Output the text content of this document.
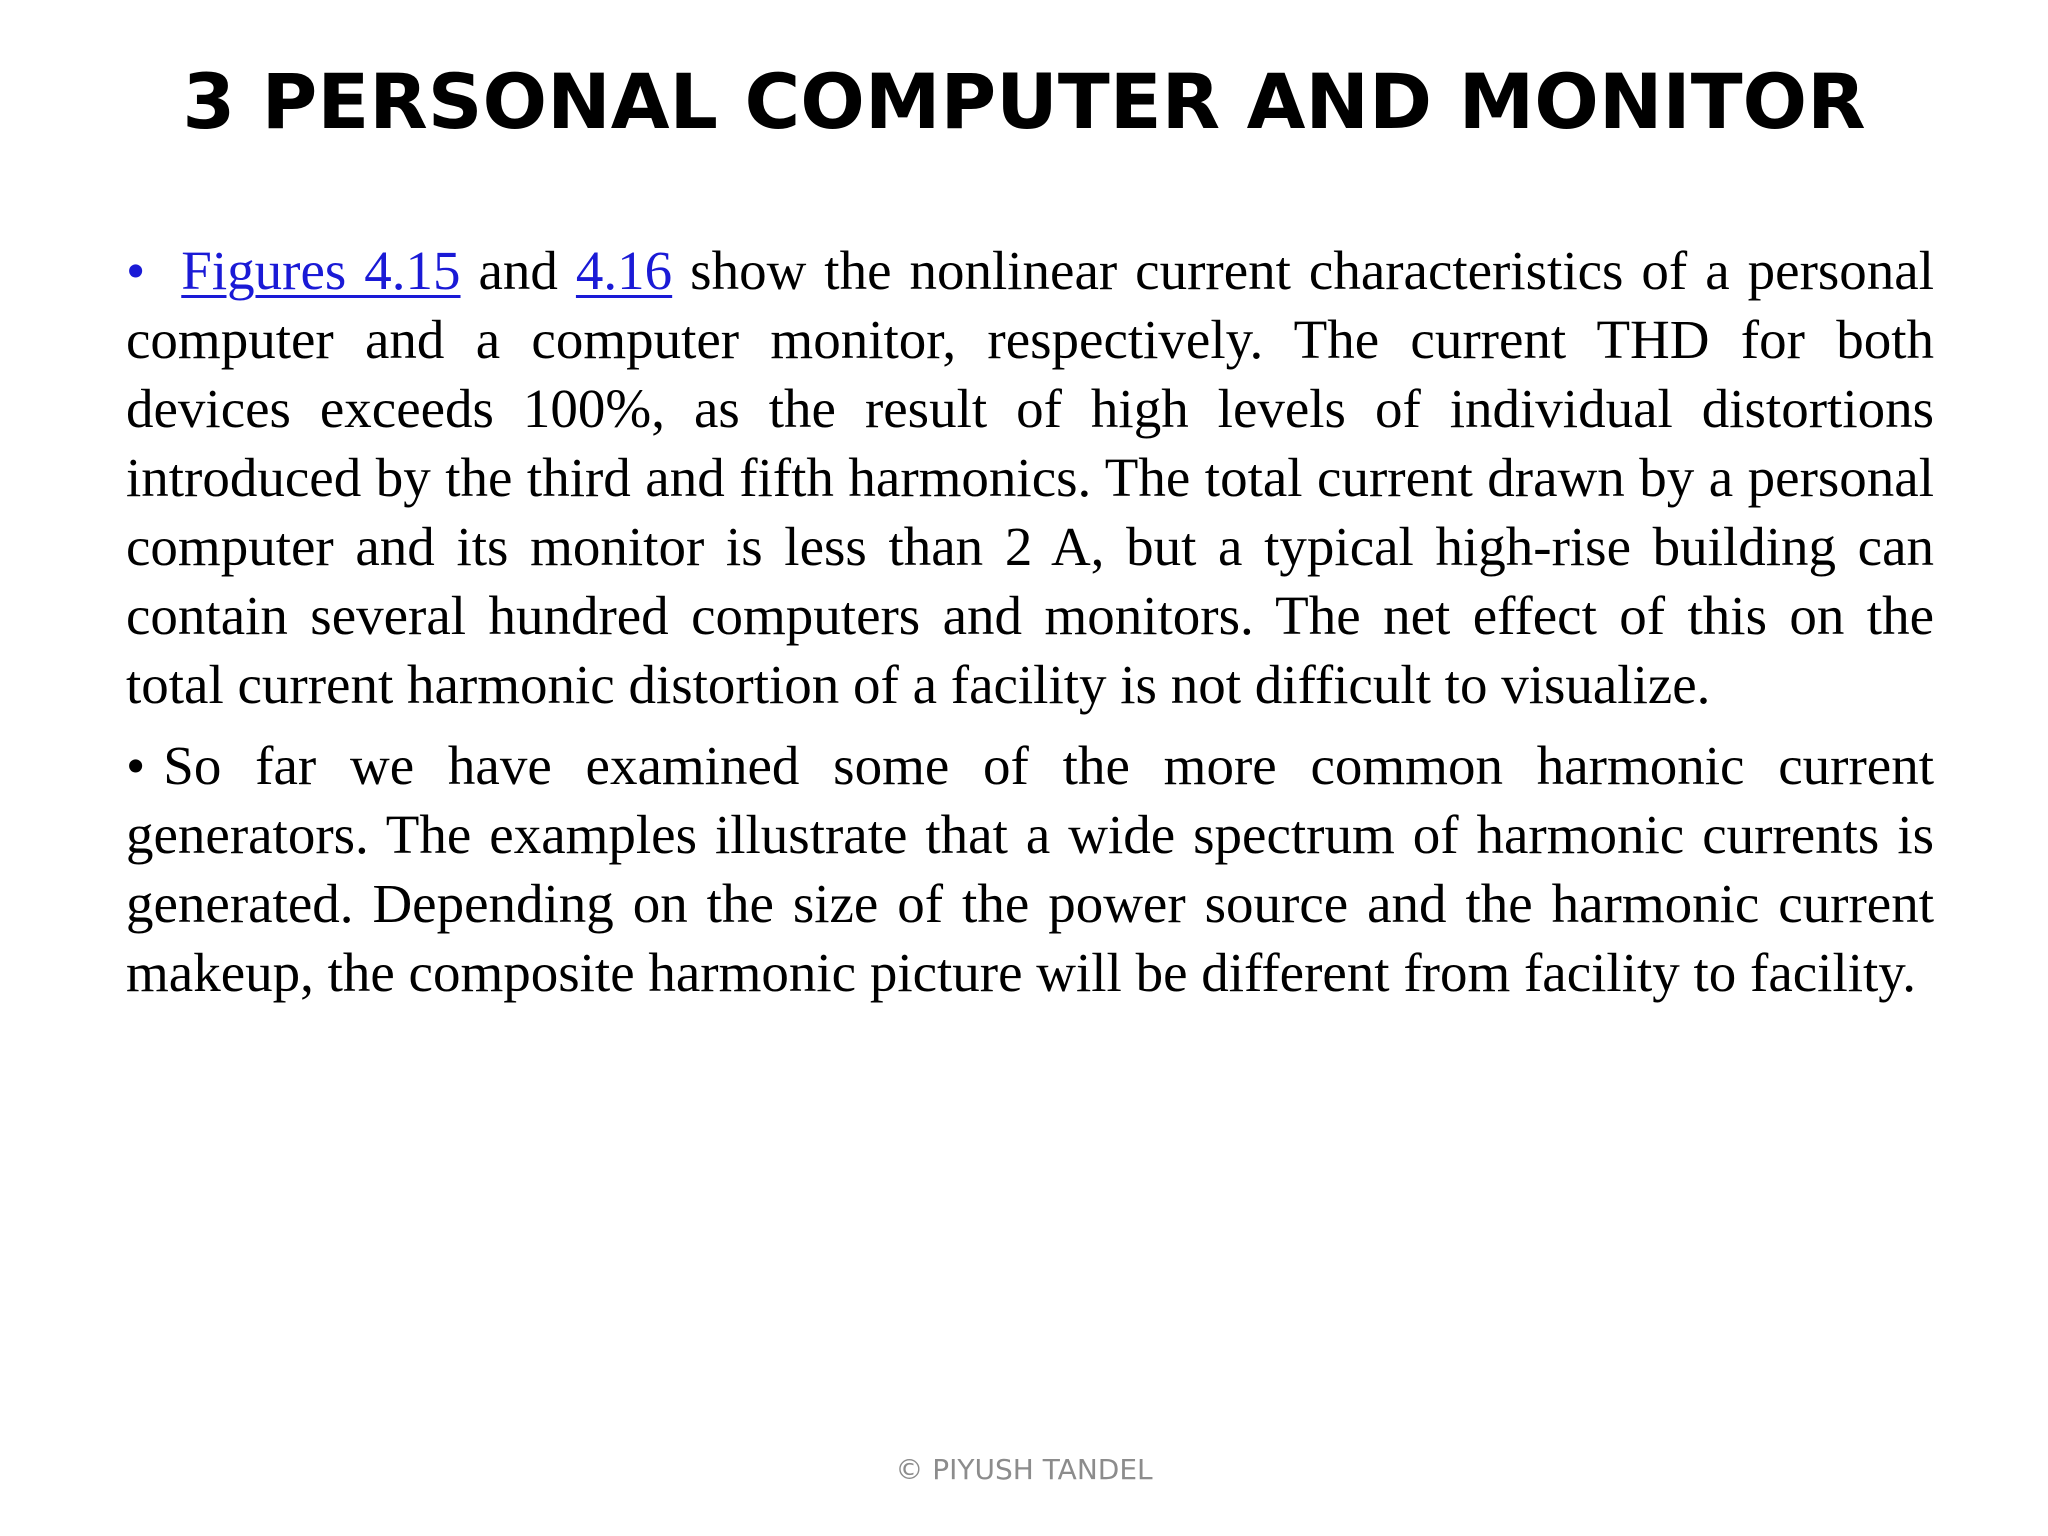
3 PERSONAL COMPUTER AND MONITOR

• Figures 4.15 and 4.16 show the nonlinear current characteristics of a personal computer and a computer monitor, respectively. The current THD for both devices exceeds 100%, as the result of high levels of individual distortions introduced by the third and fifth harmonics. The total current drawn by a personal computer and its monitor is less than 2 A, but a typical high-rise building can contain several hundred computers and monitors. The net effect of this on the total current harmonic distortion of a facility is not difficult to visualize.

• So far we have examined some of the more common harmonic current generators. The examples illustrate that a wide spectrum of harmonic currents is generated. Depending on the size of the power source and the harmonic current makeup, the composite harmonic picture will be different from facility to facility.

© PIYUSH TANDEL
